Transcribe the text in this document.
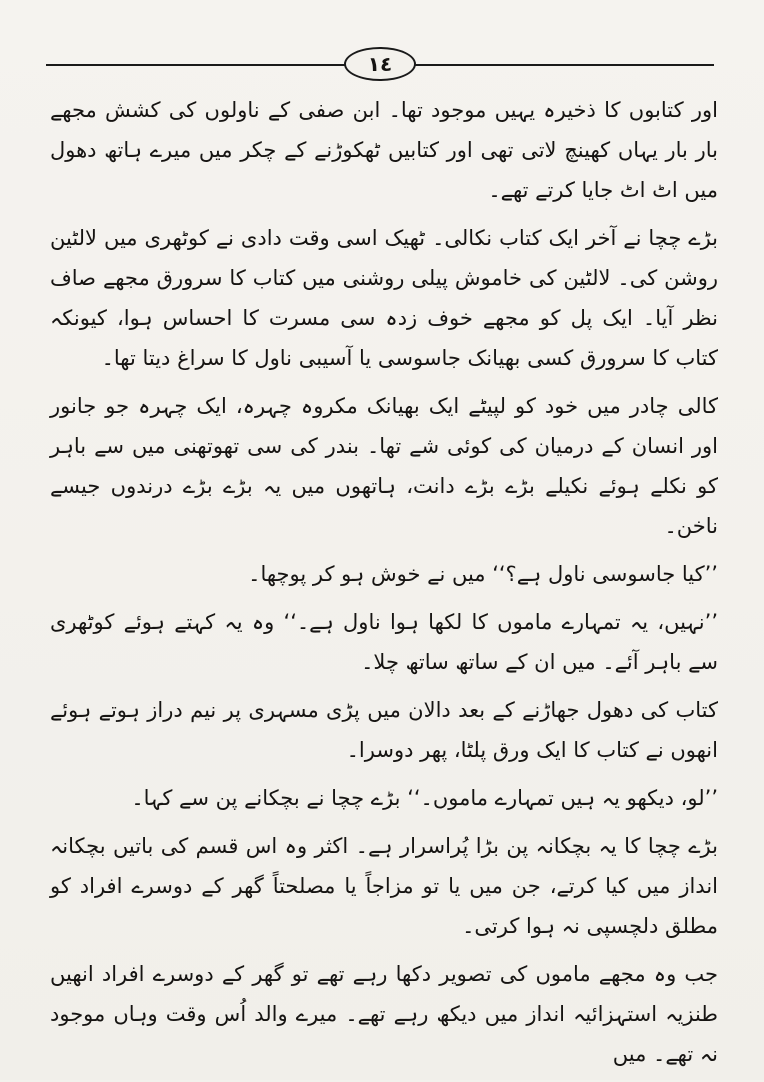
١٤

اور کتابوں کا ذخیرہ یہیں موجود تھا۔ ابن صفی کے ناولوں کی کشش مجھے بار بار یہاں کھینچ لاتی تھی اور کتابیں ٹھکوڑنے کے چکر میں میرے ہاتھ دھول میں اٹ اٹ جایا کرتے تھے۔

بڑے چچا نے آخر ایک کتاب نکالی۔ ٹھیک اسی وقت دادی نے کوٹھری میں لالٹین روشن کی۔ لالٹین کی خاموش پیلی روشنی میں کتاب کا سرورق مجھے صاف نظر آیا۔ ایک پل کو مجھے خوف زدہ سی مسرت کا احساس ہوا، کیونکہ کتاب کا سرورق کسی بھیانک جاسوسی یا آسیبی ناول کا سراغ دیتا تھا۔

کالی چادر میں خود کو لپیٹے ایک بھیانک مکروہ چہرہ، ایک چہرہ جو جانور اور انسان کے درمیان کی کوئی شے تھا۔ بندر کی سی تھوتھنی میں سے باہر کو نکلے ہوئے نکیلے بڑے بڑے دانت، ہاتھوں میں یہ بڑے بڑے درندوں جیسے ناخن۔

’’کیا جاسوسی ناول ہے؟‘‘ میں نے خوش ہو کر پوچھا۔

’’نہیں، یہ تمہارے ماموں کا لکھا ہوا ناول ہے۔‘‘ وہ یہ کہتے ہوئے کوٹھری سے باہر آئے۔ میں ان کے ساتھ ساتھ چلا۔

کتاب کی دھول جھاڑنے کے بعد دالان میں پڑی مسہری پر نیم دراز ہوتے ہوئے انھوں نے کتاب کا ایک ورق پلٹا، پھر دوسرا۔

’’لو، دیکھو یہ ہیں تمہارے ماموں۔‘‘ بڑے چچا نے بچکانے پن سے کہا۔

بڑے چچا کا یہ بچکانہ پن بڑا پُراسرار ہے۔ اکثر وہ اس قسم کی باتیں بچکانہ انداز میں کیا کرتے، جن میں یا تو مزاجاً یا مصلحتاً گھر کے دوسرے افراد کو مطلق دلچسپی نہ ہوا کرتی۔

جب وہ مجھے ماموں کی تصویر دکھا رہے تھے تو گھر کے دوسرے افراد انھیں طنزیہ استہزائیہ انداز میں دیکھ رہے تھے۔ میرے والد اُس وقت وہاں موجود نہ تھے۔ میں
